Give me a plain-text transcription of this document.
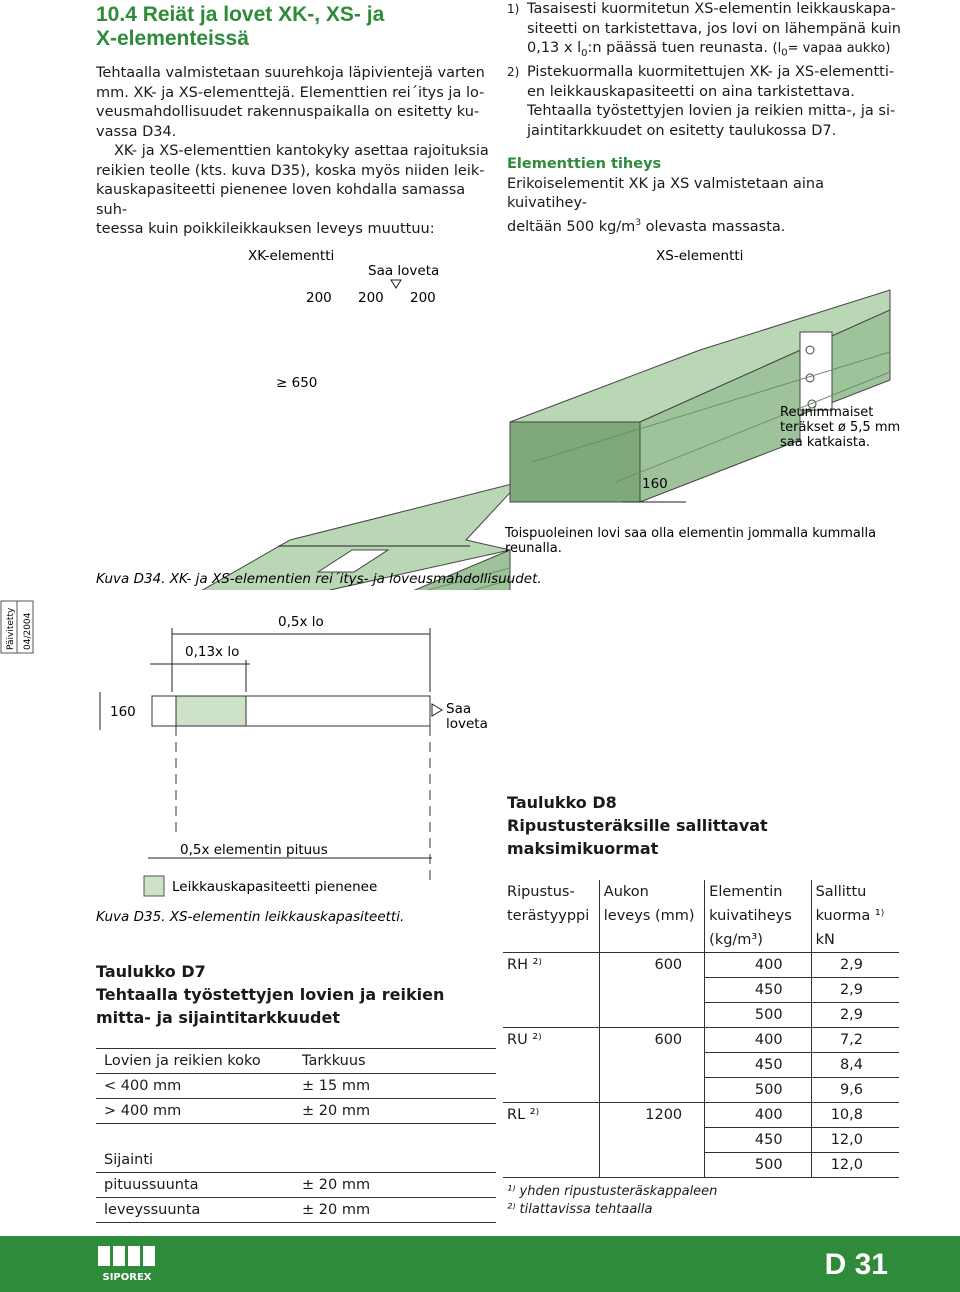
10.4 Reiät ja lovet XK-, XS- ja
X-elementeissä
Tehtaalla valmistetaan suurehkoja läpivientejä varten
mm. XK- ja XS-elementtejä. Elementtien rei´itys ja lo-
veusmahdollisuudet rakennuspaikalla on esitetty ku-
vassa D34.
XK- ja XS-elementtien kantokyky asettaa rajoituksia
reikien teolle (kts. kuva D35), koska myös niiden leik-
kauskapasiteetti pienenee loven kohdalla samassa suh-
teessa kuin poikkileikkauksen leveys muuttuu:
1) Tasaisesti kuormitetun XS-elementin leikkauskapa-
siteetti on tarkistettava, jos lovi on lähempänä kuin
0,13 x $l_0:n$ päässä tuen reunasta. ($l_0=$ vapaa aukko)
2) Pistekuormalla kuormitettujen XK- ja XS-elementti-
en leikkauskapasiteetti on aina tarkistettava.
Tehtaalla työstettyjen lovien ja reikien mitta-, ja si-
jaintitarkkuudet on esitetty taulukossa D7.
Elementtien tiheys
Erikoiselementit XK ja XS valmistetaan aina kuivatihey-
deltään 500 $kg/m^3$ olevasta massasta.
XK-elementti
Saa loveta
200 200 200
≥ 650
XS-elementti
Reunimmaiset
teräkset ø 5,5 mm
saa katkaista.
160
Toispuoleinen lovi saa olla elementin jommalla kummalla
reunalla.
Kuva D34. XK- ja XS-elementien rei´itys- ja loveusmahdollisuudet.
Päivitetty 04/2004	0,5x lo
0,13x lo
160	Saa
loveta
0,5x elementin pituus
Leikkauskapasiteetti pienenee
Kuva D35. XS-elementin leikkauskapasiteetti.
Taulukko D7
Tehtaalla työstettyjen lovien ja reikien
mitta- ja sijaintitarkkuudet
Lovien ja reikien koko	Tarkkuus
< 400 mm	± 15 mm
> 400 mm	± 20 mm

Sijainti	
pituussuunta	± 20 mm
leveyssuunta	± 20 mm
Taulukko D8
Ripustusteräksille sallittavat
maksimikuormat
Ripustus-	Aukon	Elementin	Sallittu
terästyyppi	leveys (mm)	kuivatiheys	kuorma ¹⁾
		(kg/m³)	kN
RH ²⁾	600	400	2,9
		450	2,9
		500	2,9
RU ²⁾	600	400	7,2
		450	8,4
		500	9,6
RL ²⁾	1200	400	10,8
		450	12,0
		500	12,0
¹⁾ yhden ripustusteräskappaleen
²⁾ tilattavissa tehtaalla
SIPOREX	D 31
